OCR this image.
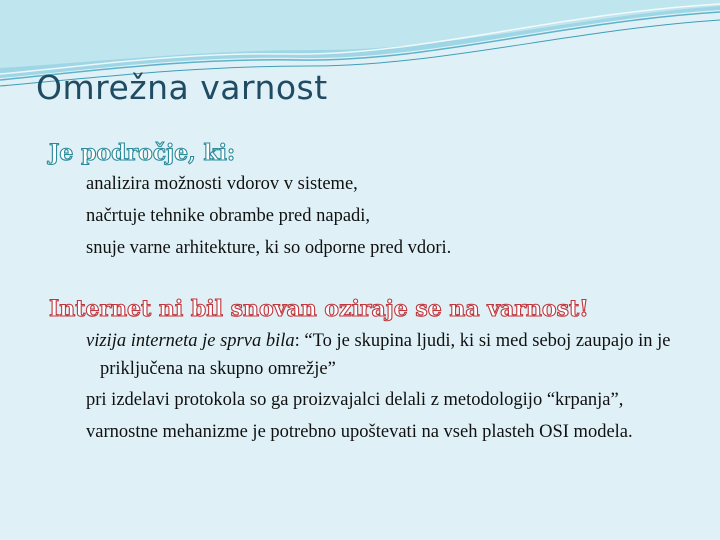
Omrežna varnost

Je področje, ki:

analizira možnosti vdorov v sisteme,
načrtuje tehnike obrambe pred napadi,
snuje varne arhitekture, ki so odporne pred vdori.

Internet ni bil snovan oziraje se na varnost!

vizija interneta je sprva bila: “To je skupina ljudi, ki si med seboj zaupajo in je priključena na skupno omrežje”
pri izdelavi protokola so ga proizvajalci delali z metodologijo “krpanja”,
varnostne mehanizme je potrebno upoštevati na vseh plasteh OSI modela.
